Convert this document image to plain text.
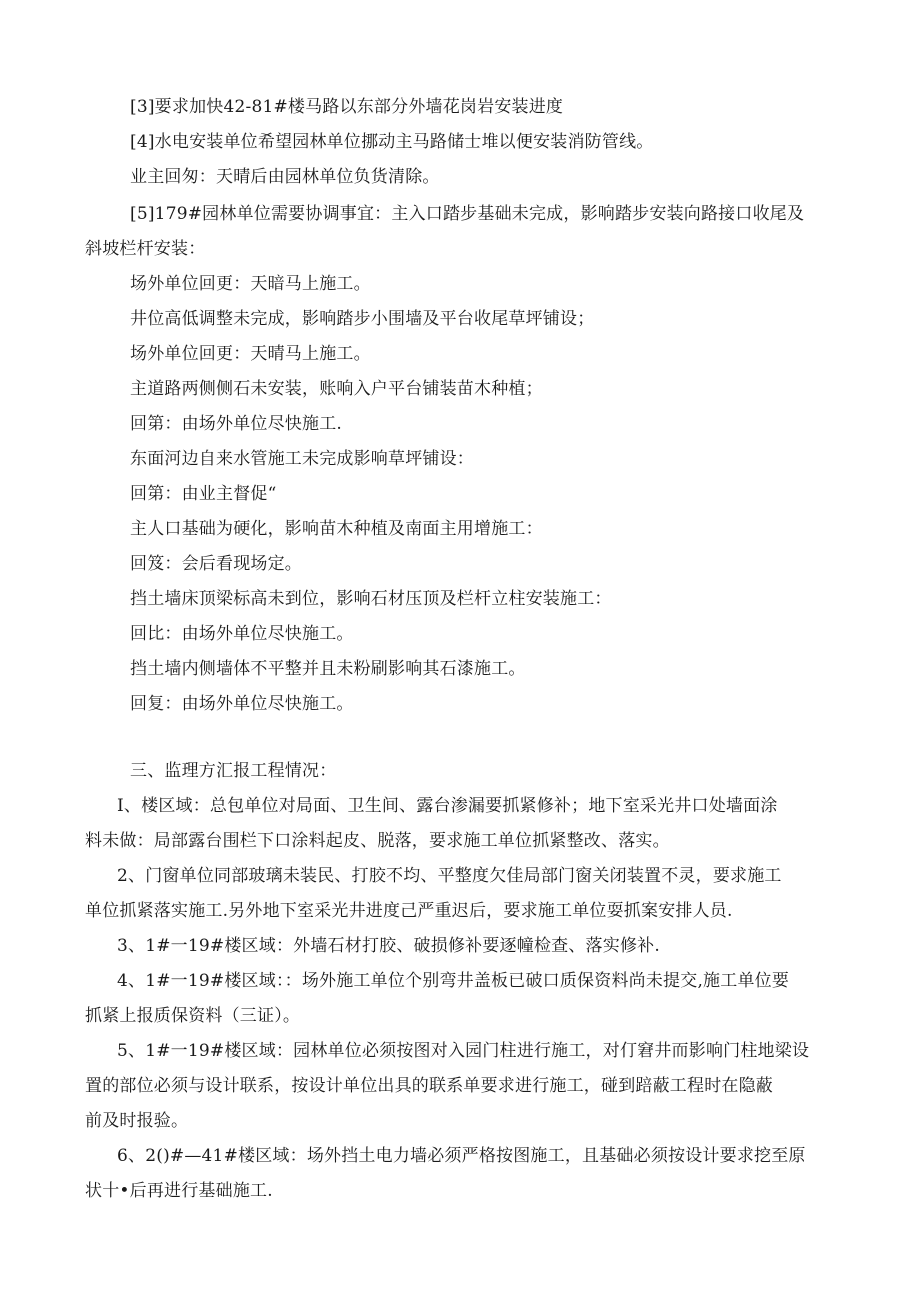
[3]要求加快42-81#楼马路以东部分外墙花岗岩安装进度
[4]水电安装单位希望园林单位挪动主马路储士堆以便安装消防管线。
业主回匆：天晴后由园林单位负货清除。
[5]179#园林单位需要协调事宜：主入口踏步基础未完成，影响踏步安装向路接口收尾及
斜坡栏杆安装：
场外单位回更：天暗马上施工。
井位高低调整未完成，影响踏步小围墙及平台收尾草坪铺设；
场外单位回更：天晴马上施工。
主道路两侧侧石未安装，账响入户平台铺装苗木种植；
回第：由场外单位尽快施工.
东面河边自来水管施工未完成影响草坪铺设：
回第：由业主督促“
主人口基础为硬化，影响苗木种植及南面主用增施工：
回笈：会后看现场定。
挡土墙床顶梁标高未到位，影响石材压顶及栏杆立柱安装施工：
回比：由场外单位尽快施工。
挡土墙内侧墙体不平整并且未粉刷影响其石漆施工。
回复：由场外单位尽快施工。
三、监理方汇报工程情况：
I、楼区域：总包单位对局面、卫生间、露台渗漏要抓紧修补；地下室采光井口处墙面涂
料未做：局部露台围栏下口涂料起皮、脱落，要求施工单位抓紧整改、落实。
2、门窗单位同部玻璃未装民、打胶不均、平整度欠佳局部门窗关闭装置不灵，要求施工
单位抓紧落实施工.另外地下室采光井进度己严重迟后，要求施工单位耍抓案安排人员.
3、1#一19#楼区域：外墙石材打胶、破损修补要逐幢检查、落实修补.
4、1#一19#楼区域：：场外施工单位个别弯井盖板已破口质保资料尚未提交,施工单位要
抓紧上报质保资料（三证）。
5、1#一19#楼区域：园林单位必须按图对入园门柱进行施工，对仃窘井而影响门柱地梁设
置的部位必须与设计联系，按设计单位出具的联系单要求进行施工，碰到踣蔽工程时在隐蔽
前及时报验。
6、2()#—41#楼区域：场外挡土电力墙必须严格按图施工，且基础必须按设计要求挖至原
状十•后再进行基础施工.
